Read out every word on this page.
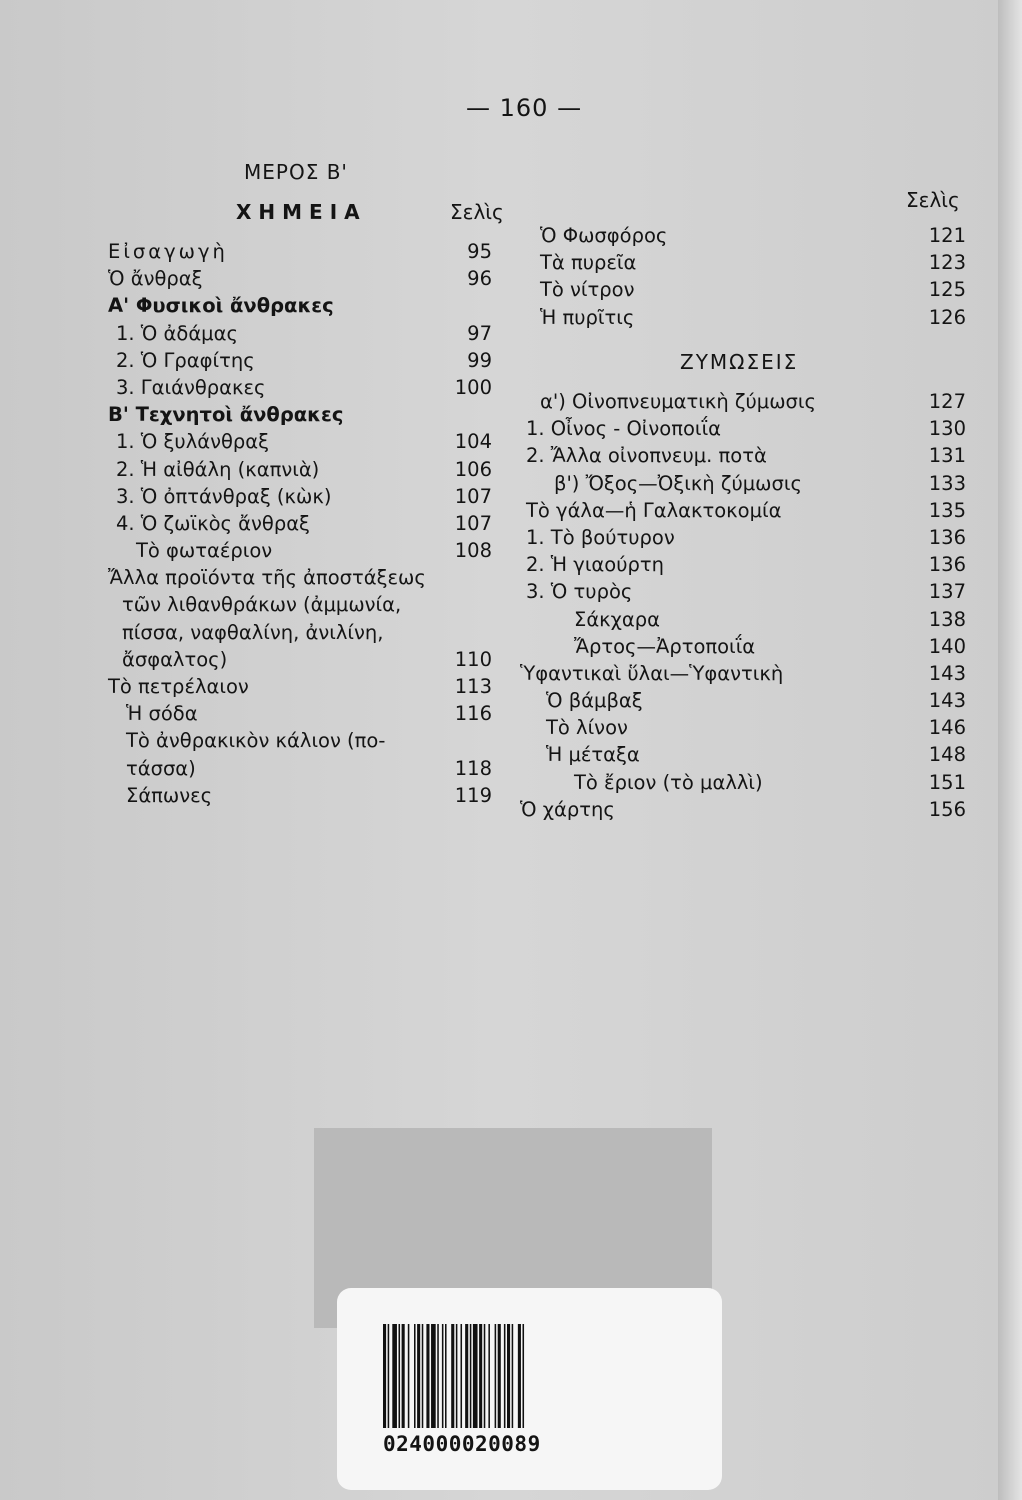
— 160 —
ΜΕΡΟΣ Β'
ΧΗΜΕΙΑ	Σελὶς	Σελὶς
Εἰσαγωγὴ	95
Ὁ ἄνθραξ	96
Α' Φυσικοὶ ἄνθρακες
1. Ὁ ἀδάμας	97
2. Ὁ Γραφίτης	99
3. Γαιάνθρακες	100
Β' Τεχνητοὶ ἄνθρακες
1. Ὁ ξυλάνθραξ	104
2. Ἡ αἰθάλη (καπνιὰ)	106
3. Ὁ ὀπτάνθραξ (κὼκ)	107
4. Ὁ ζωϊκὸς ἄνθραξ	107
Τὸ φωταέριον	108
Ἄλλα προϊόντα τῆς ἀποστάξεως
τῶν λιθανθράκων (ἀμμωνία,
πίσσα, ναφθαλίνη, ἀνιλίνη,
ἄσφαλτος)	110
Τὸ πετρέλαιον	113
Ἡ σόδα	116
Τὸ ἀνθρακικὸν κάλιον (πο-
τάσσα)	118
Σάπωνες	119
Ὁ Φωσφόρος	121
Τὰ πυρεῖα	123
Τὸ νίτρον	125
Ἡ πυρῖτις	126
ΖΥΜΩΣΕΙΣ
α') Οἰνοπνευματικὴ ζύμωσις	127
1. Οἶνος - Οἰνοποιΐα	130
2. Ἄλλα οἰνοπνευμ. ποτὰ	131
β') Ὄξος—Ὀξικὴ ζύμωσις	133
Τὸ γάλα—ἡ Γαλακτοκομία	135
1. Τὸ βούτυρον	136
2. Ἡ γιαούρτη	136
3. Ὁ τυρὸς	137
Σάκχαρα	138
Ἄρτος—Ἀρτοποιΐα	140
Ὑφαντικαὶ ὕλαι—Ὑφαντικὴ	143
Ὁ βάμβαξ	143
Τὸ λίνον	146
Ἡ μέταξα	148
Τὸ ἔριον (τὸ μαλλὶ)	151
Ὁ χάρτης	156
024000020089
